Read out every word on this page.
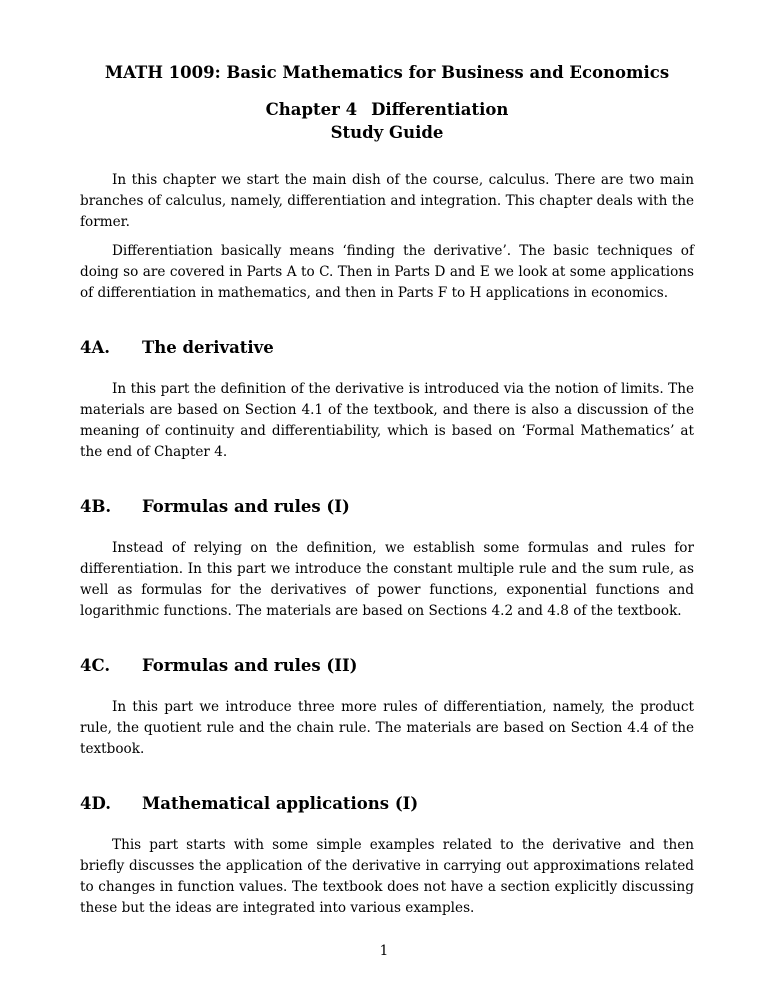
MATH 1009: Basic Mathematics for Business and Economics
Chapter 4 Differentiation
Study Guide

In this chapter we start the main dish of the course, calculus. There are two main branches of calculus, namely, differentiation and integration. This chapter deals with the former.

Differentiation basically means ‘finding the derivative’. The basic techniques of doing so are covered in Parts A to C. Then in Parts D and E we look at some applications of differentiation in mathematics, and then in Parts F to H applications in economics.

4A.	The derivative

In this part the definition of the derivative is introduced via the notion of limits. The materials are based on Section 4.1 of the textbook, and there is also a discussion of the meaning of continuity and differentiability, which is based on ‘Formal Mathematics’ at the end of Chapter 4.

4B.	Formulas and rules (I)

Instead of relying on the definition, we establish some formulas and rules for differentiation. In this part we introduce the constant multiple rule and the sum rule, as well as formulas for the derivatives of power functions, exponential functions and logarithmic functions. The materials are based on Sections 4.2 and 4.8 of the textbook.

4C.	Formulas and rules (II)

In this part we introduce three more rules of differentiation, namely, the product rule, the quotient rule and the chain rule. The materials are based on Section 4.4 of the textbook.

4D.	Mathematical applications (I)

This part starts with some simple examples related to the derivative and then briefly discusses the application of the derivative in carrying out approximations related to changes in function values. The textbook does not have a section explicitly discussing these but the ideas are integrated into various examples.

1
